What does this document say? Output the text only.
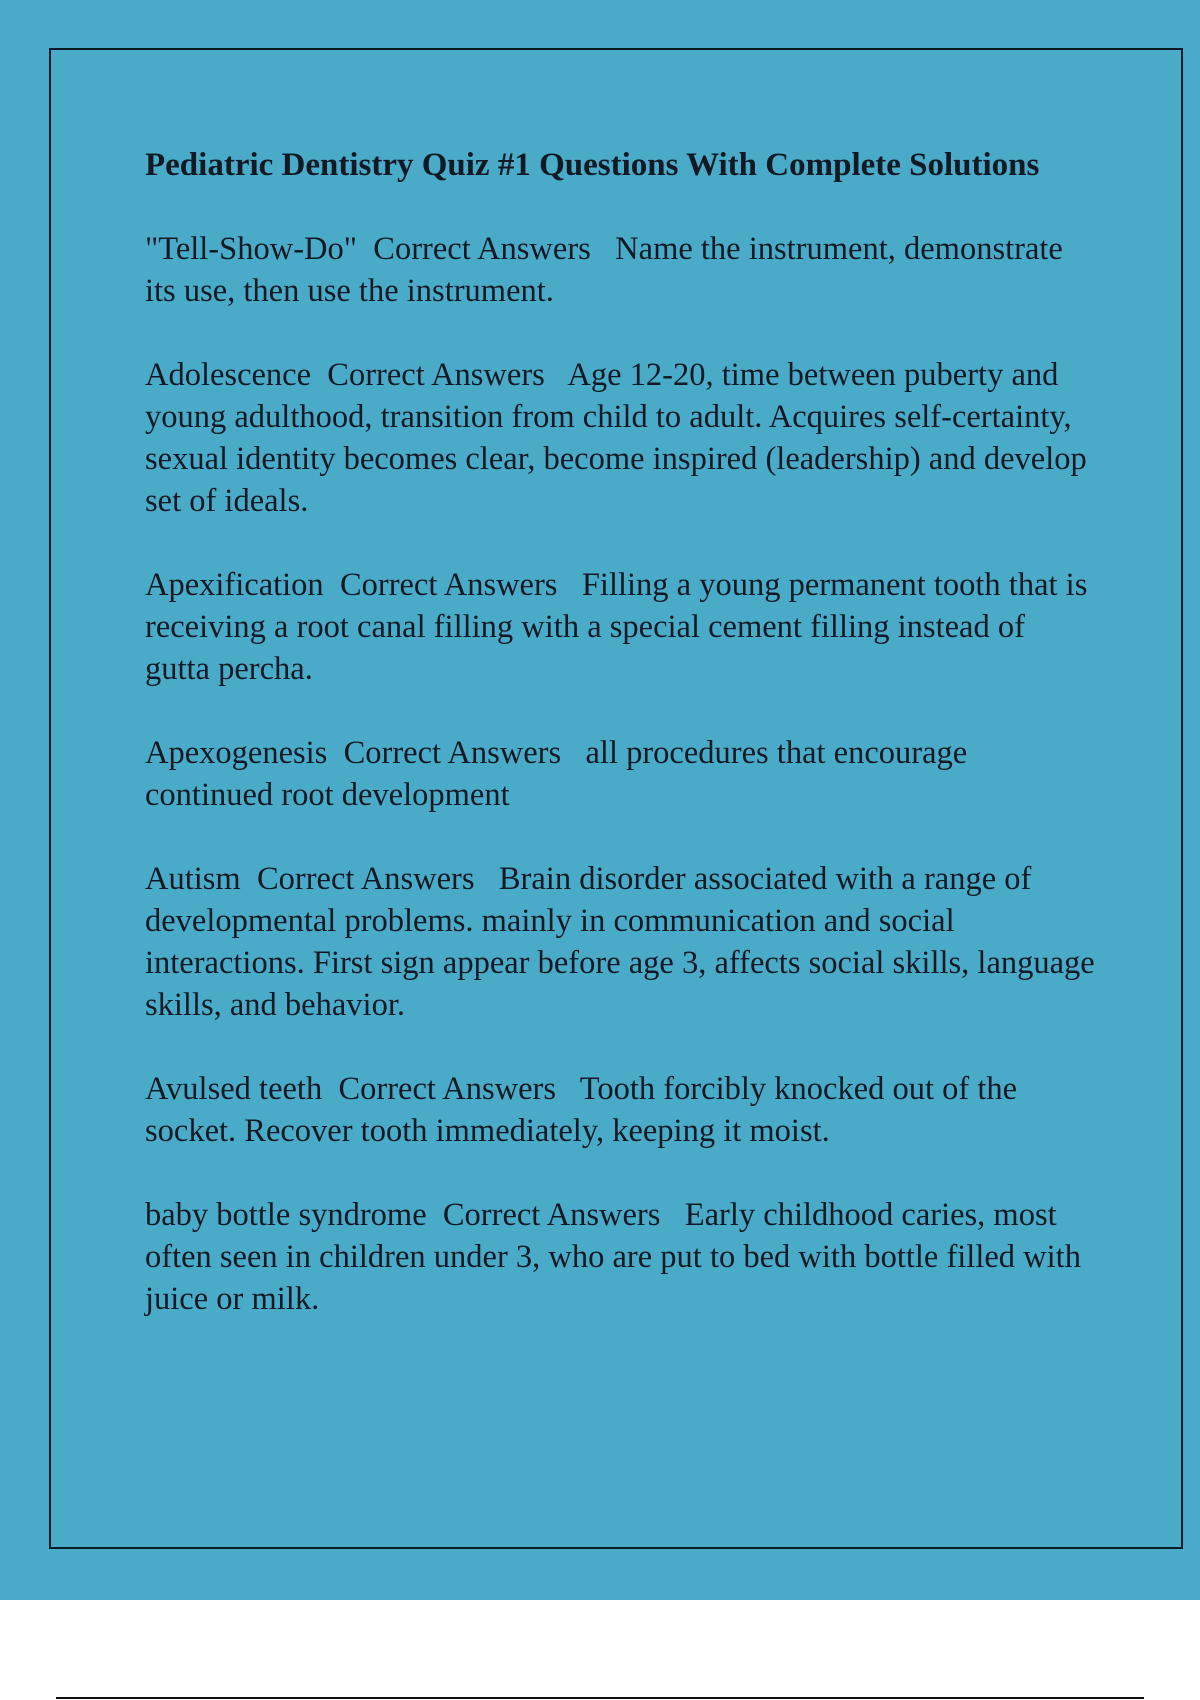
Pediatric Dentistry Quiz #1 Questions With Complete Solutions
"Tell-Show-Do" Correct Answers Name the instrument, demonstrate its use, then use the instrument.
Adolescence Correct Answers Age 12-20, time between puberty and young adulthood, transition from child to adult. Acquires self-certainty, sexual identity becomes clear, become inspired (leadership) and develop set of ideals.
Apexification Correct Answers Filling a young permanent tooth that is receiving a root canal filling with a special cement filling instead of gutta percha.
Apexogenesis Correct Answers all procedures that encourage continued root development
Autism Correct Answers Brain disorder associated with a range of developmental problems. mainly in communication and social interactions. First sign appear before age 3, affects social skills, language skills, and behavior.
Avulsed teeth Correct Answers Tooth forcibly knocked out of the socket. Recover tooth immediately, keeping it moist.
baby bottle syndrome Correct Answers Early childhood caries, most often seen in children under 3, who are put to bed with bottle filled with juice or milk.
